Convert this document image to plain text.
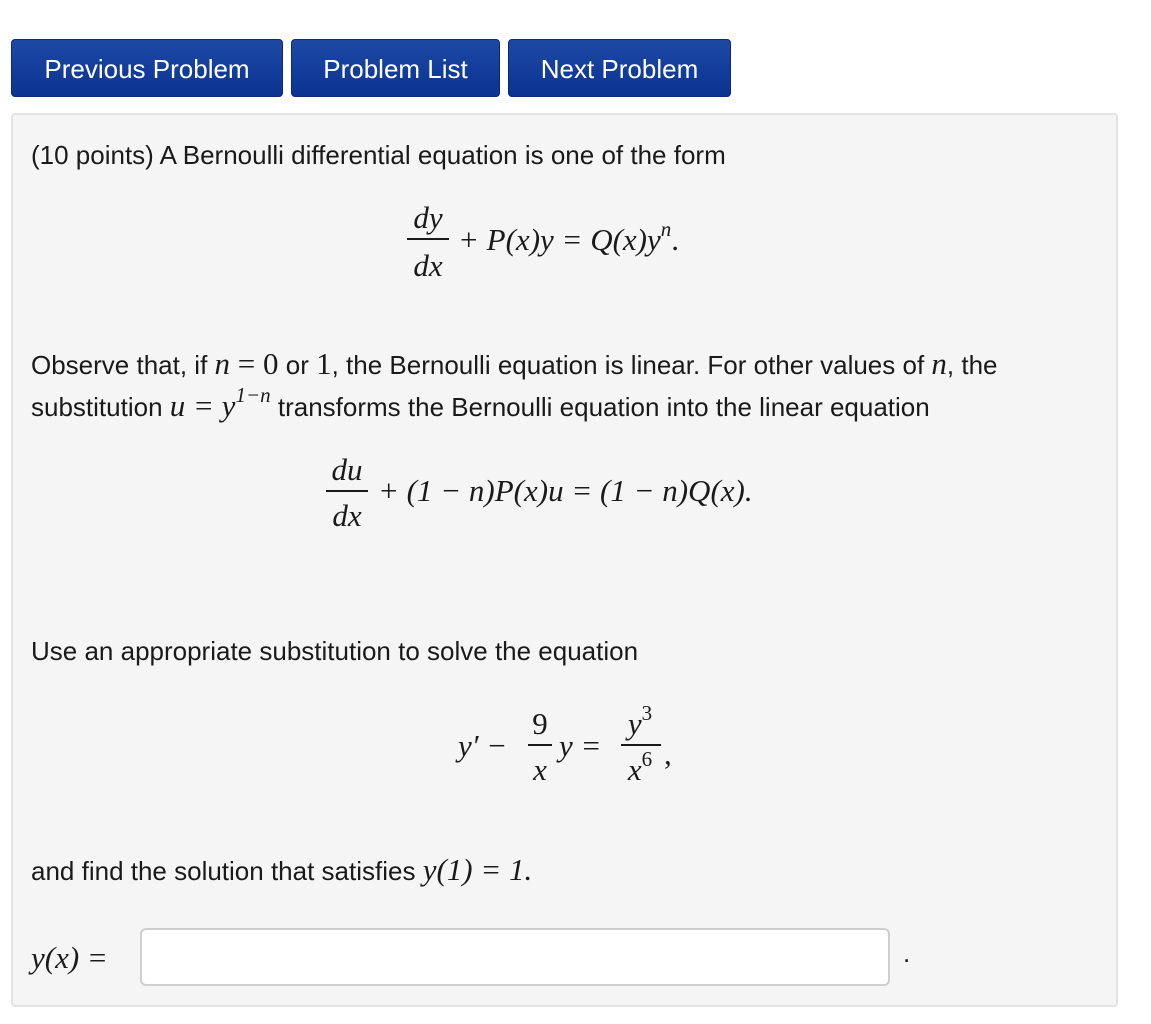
Previous Problem	Problem List	Next Problem
(10 points) A Bernoulli differential equation is one of the form
dy
dx
+ $P(x)y = Q(x)y^n$.
Observe that, if n = 0 or 1, the Bernoulli equation is linear. For other values of n, the
substitution $u = y^{1-n}$ transforms the Bernoulli equation into the linear equation
du
dx
+ (1 − n)P(x)u = (1 − n)Q(x).
Use an appropriate substitution to solve the equation
y′ −
9
x
y =
$y^3$
$x^6$ ,
and find the solution that satisfies y(1) = 1.
y(x) =	.
